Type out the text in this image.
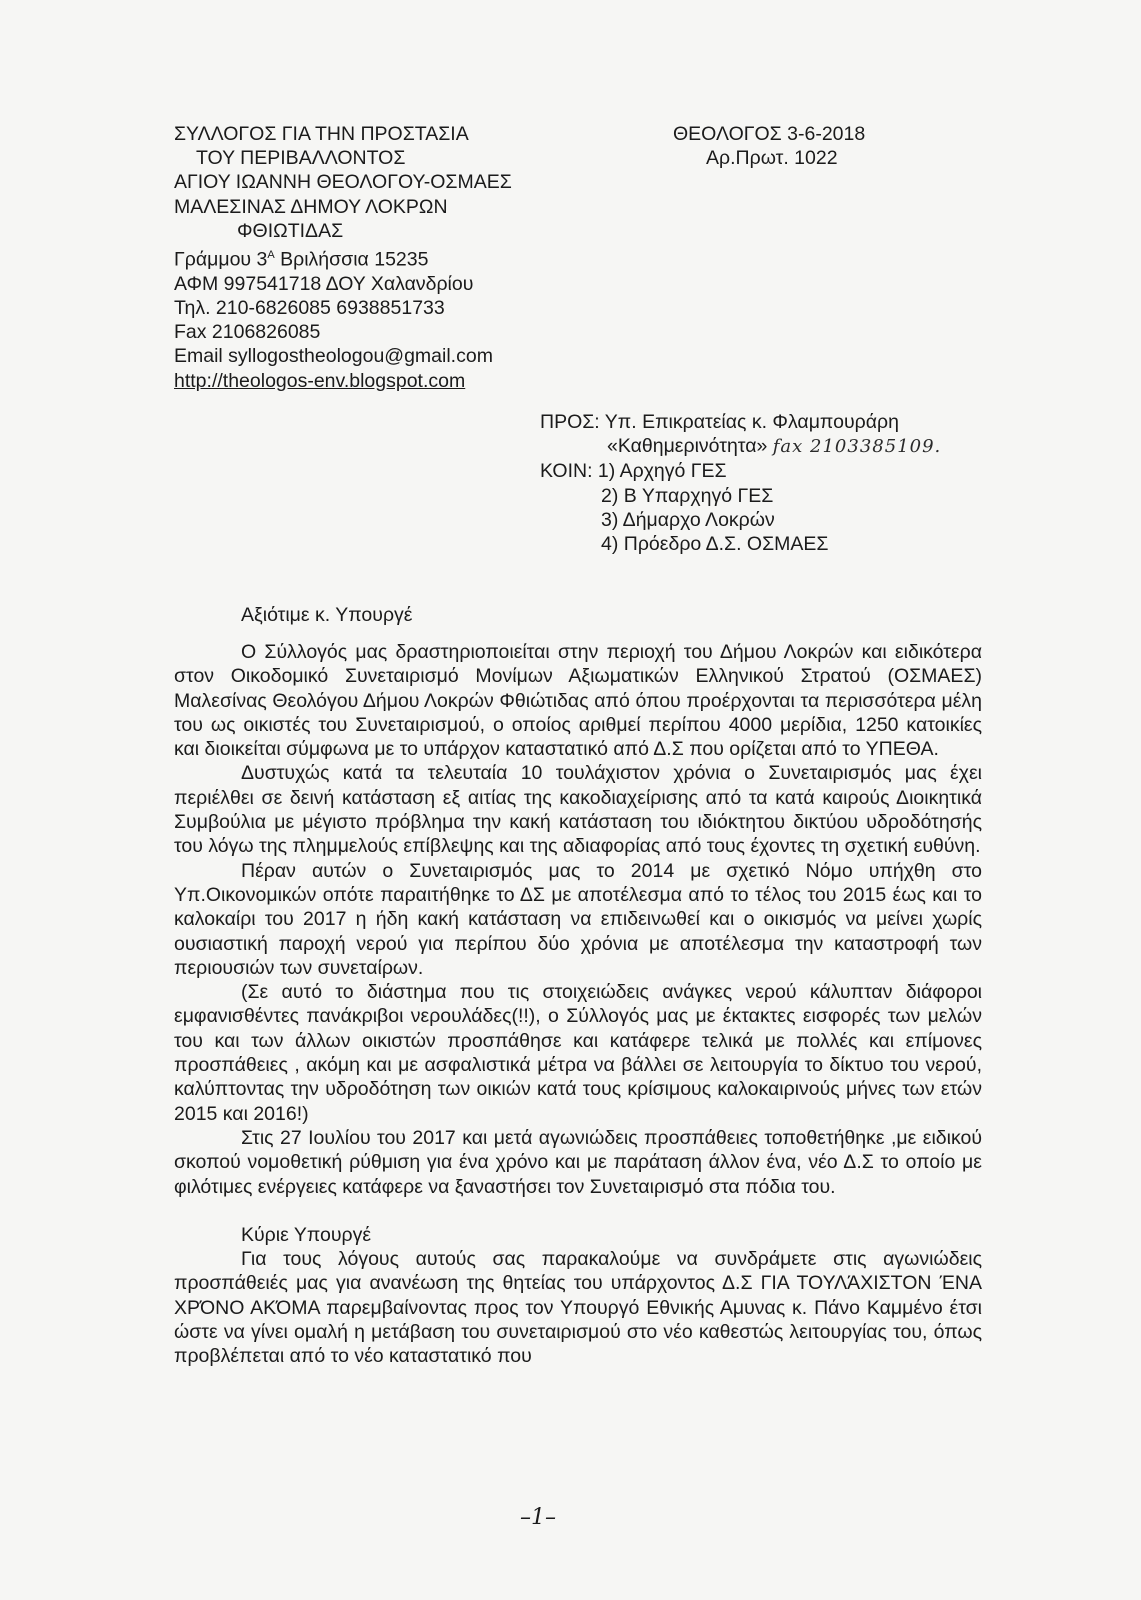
ΣΥΛΛΟΓΟΣ ΓΙΑ ΤΗΝ ΠΡΟΣΤΑΣΙΑ
ΤΟΥ ΠΕΡΙΒΑΛΛΟΝΤΟΣ
ΑΓΙΟΥ ΙΩΑΝΝΗ ΘΕΟΛΟΓΟΥ-ΟΣΜΑΕΣ
ΜΑΛΕΣΙΝΑΣ ΔΗΜΟΥ ΛΟΚΡΩΝ
ΦΘΙΩΤΙΔΑΣ
Γράμμου $3^A$ Βριλήσσια 15235
ΑΦΜ 997541718 ΔΟΥ Χαλανδρίου
Τηλ. 210-6826085 6938851733
Fax 2106826085
Email syllogostheologou@gmail.com
http://theologos-env.blogspot.com
ΘΕΟΛΟΓΟΣ 3-6-2018
Αρ.Πρωτ. 1022
ΠΡΟΣ: Υπ. Επικρατείας κ. Φλαμπουράρη
«Καθημερινότητα» fax 2103385109.
ΚΟΙΝ: 1) Αρχηγό ΓΕΣ
2) Β Υπαρχηγό ΓΕΣ
3) Δήμαρχο Λοκρών
4) Πρόεδρο Δ.Σ. ΟΣΜΑΕΣ
Αξιότιμε κ. Υπουργέ

Ο Σύλλογός μας δραστηριοποιείται στην περιοχή του Δήμου Λοκρών και ειδικότερα στον Οικοδομικό Συνεταιρισμό Μονίμων Αξιωματικών Ελληνικού Στρατού (ΟΣΜΑΕΣ) Μαλεσίνας Θεολόγου Δήμου Λοκρών Φθιώτιδας από όπου προέρχονται τα περισσότερα μέλη του ως οικιστές του Συνεταιρισμού, ο οποίος αριθμεί περίπου 4000 μερίδια, 1250 κατοικίες και διοικείται σύμφωνα με το υπάρχον καταστατικό από Δ.Σ που ορίζεται από το ΥΠΕΘΑ.

Δυστυχώς κατά τα τελευταία 10 τουλάχιστον χρόνια ο Συνεταιρισμός μας έχει περιέλθει σε δεινή κατάσταση εξ αιτίας της κακοδιαχείρισης από τα κατά καιρούς Διοικητικά Συμβούλια με μέγιστο πρόβλημα την κακή κατάσταση του ιδιόκτητου δικτύου υδροδότησής του λόγω της πλημμελούς επίβλεψης και της αδιαφορίας από τους έχοντες τη σχετική ευθύνη.

Πέραν αυτών ο Συνεταιρισμός μας το 2014 με σχετικό Νόμο υπήχθη στο Υπ.Οικονομικών οπότε παραιτήθηκε το ΔΣ με αποτέλεσμα από το τέλος του 2015 έως και το καλοκαίρι του 2017 η ήδη κακή κατάσταση να επιδεινωθεί και ο οικισμός να μείνει χωρίς ουσιαστική παροχή νερού για περίπου δύο χρόνια με αποτέλεσμα την καταστροφή των περιουσιών των συνεταίρων.

(Σε αυτό το διάστημα που τις στοιχειώδεις ανάγκες νερού κάλυπταν διάφοροι εμφανισθέντες πανάκριβοι νερουλάδες(!!), ο Σύλλογός μας με έκτακτες εισφορές των μελών του και των άλλων οικιστών προσπάθησε και κατάφερε τελικά με πολλές και επίμονες προσπάθειες , ακόμη και με ασφαλιστικά μέτρα να βάλλει σε λειτουργία το δίκτυο του νερού, καλύπτοντας την υδροδότηση των οικιών κατά τους κρίσιμους καλοκαιρινούς μήνες των ετών 2015 και 2016!)

Στις 27 Ιουλίου του 2017 και μετά αγωνιώδεις προσπάθειες τοποθετήθηκε ,με ειδικού σκοπού νομοθετική ρύθμιση για ένα χρόνο και με παράταση άλλον ένα, νέο Δ.Σ το οποίο με φιλότιμες ενέργειες κατάφερε να ξαναστήσει τον Συνεταιρισμό στα πόδια του.

Κύριε Υπουργέ

Για τους λόγους αυτούς σας παρακαλούμε να συνδράμετε στις αγωνιώδεις προσπάθειές μας για ανανέωση της θητείας του υπάρχοντος Δ.Σ ΓΙΑ ΤΟΥΛΆΧΙΣΤΟΝ ΈΝΑ ΧΡΌΝΟ ΑΚΌΜΑ παρεμβαίνοντας προς τον Υπουργό Εθνικής Αμυνας κ. Πάνο Καμμένο έτσι ώστε να γίνει ομαλή η μετάβαση του συνεταιρισμού στο νέο καθεστώς λειτουργίας του, όπως προβλέπεται από το νέο καταστατικό που

–1–
